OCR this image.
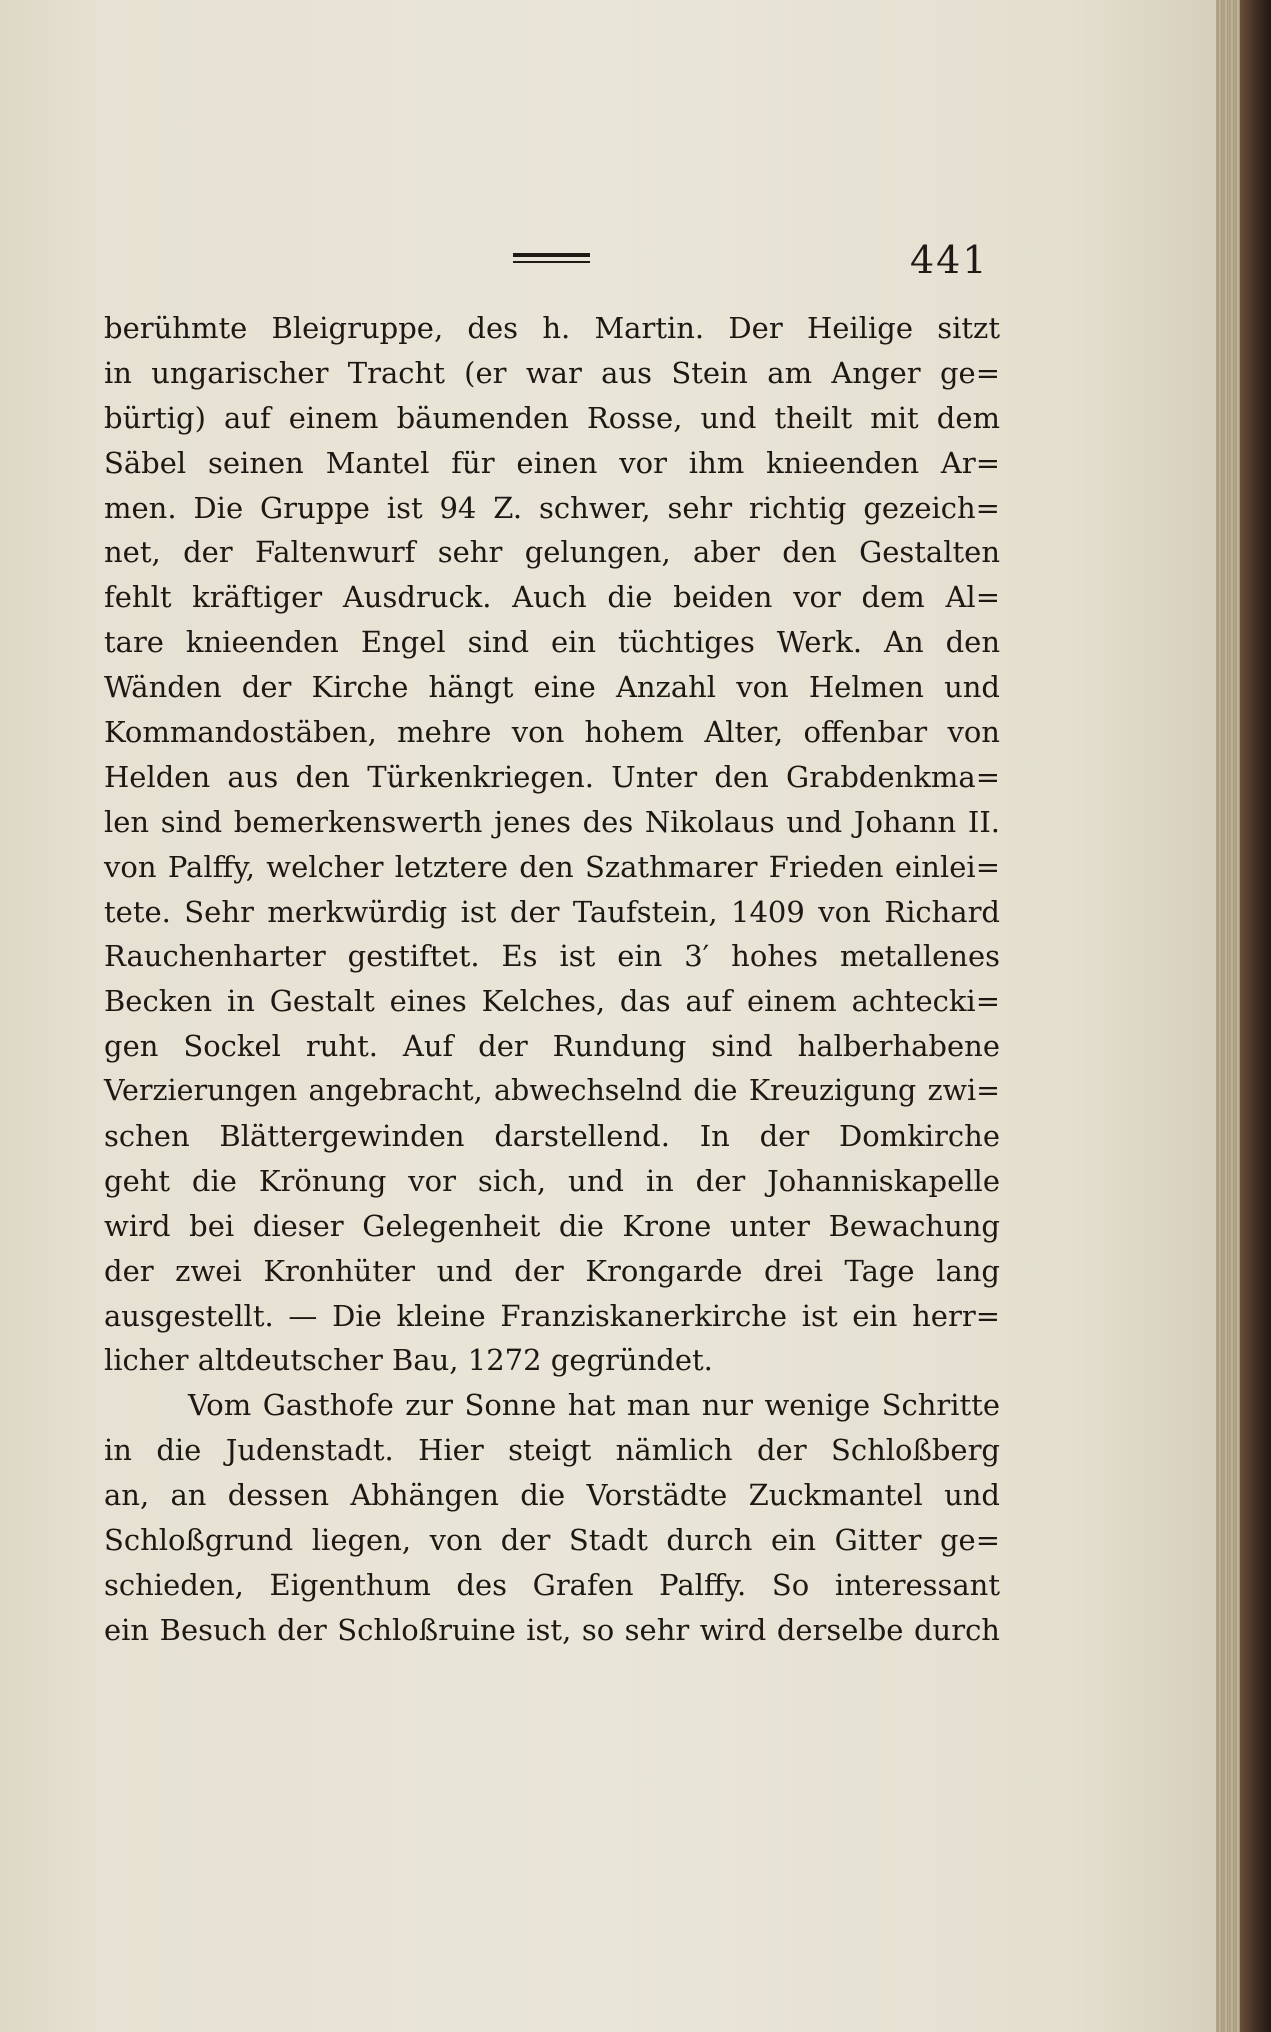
441
berühmte Bleigruppe, des h. Martin. Der Heilige sitzt
in ungarischer Tracht (er war aus Stein am Anger ge=
bürtig) auf einem bäumenden Rosse, und theilt mit dem
Säbel seinen Mantel für einen vor ihm knieenden Ar=
men. Die Gruppe ist 94 Z. schwer, sehr richtig gezeich=
net, der Faltenwurf sehr gelungen, aber den Gestalten
fehlt kräftiger Ausdruck. Auch die beiden vor dem Al=
tare knieenden Engel sind ein tüchtiges Werk. An den
Wänden der Kirche hängt eine Anzahl von Helmen und
Kommandostäben, mehre von hohem Alter, offenbar von
Helden aus den Türkenkriegen. Unter den Grabdenkma=
len sind bemerkenswerth jenes des Nikolaus und Johann II.
von Palffy, welcher letztere den Szathmarer Frieden einlei=
tete. Sehr merkwürdig ist der Taufstein, 1409 von Richard
Rauchenharter gestiftet. Es ist ein 3′ hohes metallenes
Becken in Gestalt eines Kelches, das auf einem achtecki=
gen Sockel ruht. Auf der Rundung sind halberhabene
Verzierungen angebracht, abwechselnd die Kreuzigung zwi=
schen Blättergewinden darstellend. In der Domkirche
geht die Krönung vor sich, und in der Johanniskapelle
wird bei dieser Gelegenheit die Krone unter Bewachung
der zwei Kronhüter und der Krongarde drei Tage lang
ausgestellt. — Die kleine Franziskanerkirche ist ein herr=
licher altdeutscher Bau, 1272 gegründet.
Vom Gasthofe zur Sonne hat man nur wenige Schritte
in die Judenstadt. Hier steigt nämlich der Schloßberg
an, an dessen Abhängen die Vorstädte Zuckmantel und
Schloßgrund liegen, von der Stadt durch ein Gitter ge=
schieden, Eigenthum des Grafen Palffy. So interessant
ein Besuch der Schloßruine ist, so sehr wird derselbe durch
